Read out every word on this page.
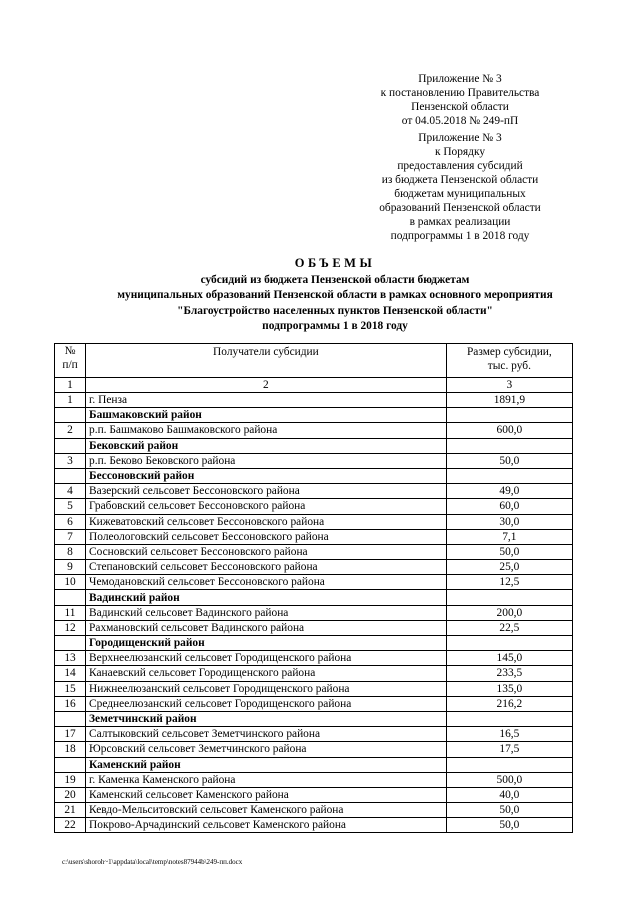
Приложение № 3
к постановлению Правительства
Пензенской области
от 04.05.2018 № 249-пП
Приложение № 3
к Порядку
предоставления субсидий
из бюджета Пензенской области
бюджетам муниципальных
образований Пензенской области
в рамках реализации
подпрограммы 1 в 2018 году
ОБЪЕМЫ
субсидий из бюджета Пензенской области бюджетам
муниципальных образований Пензенской области в рамках основного мероприятия
"Благоустройство населенных пунктов Пензенской области"
подпрограммы 1 в 2018 году
№
п/п	Получатели субсидии	Размер субсидии,
тыс. руб.
1	2	3
1	г. Пенза	1891,9
	Башмаковский район	
2	р.п. Башмаково Башмаковского района	600,0
	Бековский район	
3	р.п. Беково Бековского района	50,0
	Бессоновский район	
4	Вазерский сельсовет Бессоновского района	49,0
5	Грабовский сельсовет Бессоновского района	60,0
6	Кижеватовский сельсовет Бессоновского района	30,0
7	Полеологовский сельсовет Бессоновского района	7,1
8	Сосновский сельсовет Бессоновского района	50,0
9	Степановский сельсовет Бессоновского района	25,0
10	Чемодановский сельсовет Бессоновского района	12,5
	Вадинский район	
11	Вадинский сельсовет Вадинского района	200,0
12	Рахмановский сельсовет Вадинского района	22,5
	Городищенский район	
13	Верхнеелюзанский сельсовет Городищенского района	145,0
14	Канаевский сельсовет Городищенского района	233,5
15	Нижнеелюзанский сельсовет Городищенского района	135,0
16	Среднеелюзанский сельсовет Городищенского района	216,2
	Земетчинский район	
17	Салтыковский сельсовет Земетчинского района	16,5
18	Юрсовский сельсовет Земетчинского района	17,5
	Каменский район	
19	г. Каменка Каменского района	500,0
20	Каменский сельсовет Каменского района	40,0
21	Кевдо-Мельситовский сельсовет Каменского района	50,0
22	Покрово-Арчадинский сельсовет Каменского района	50,0
c:\users\shoroh~1\appdata\local\temp\notes87944b\249-пп.docx
